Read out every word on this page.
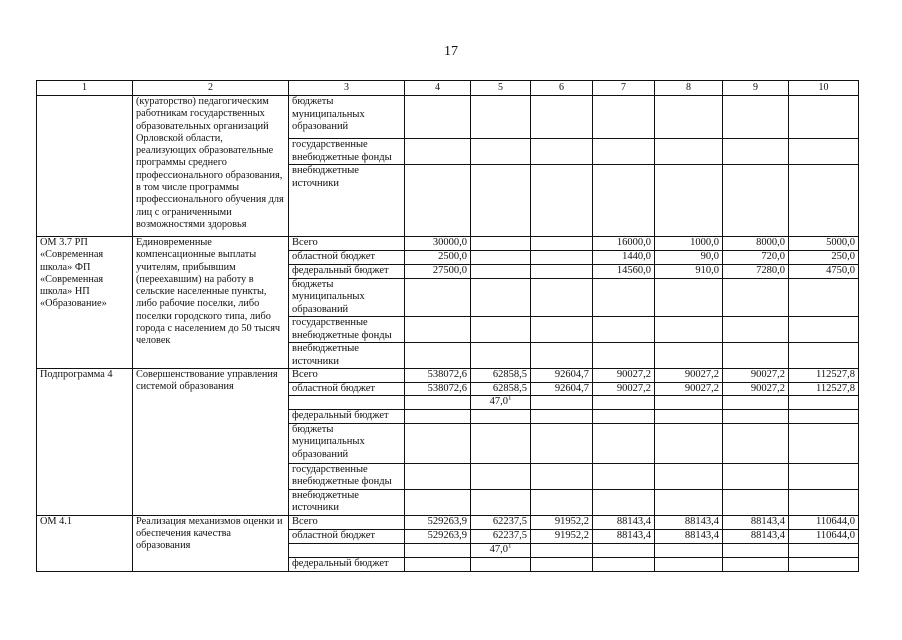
17
1	2	3	4	5	6	7	8	9	10
	(кураторство) педагогическим работникам государственных образовательных организаций Орловской области, реализующих образовательные программы среднего профессионального образования, в том числе программы профессионального обучения для лиц с ограниченными возможностями здоровья	бюджеты муниципальных образований							
		государственные внебюджетные фонды							
		внебюджетные источники							
ОМ 3.7 РП «Современная школа» ФП «Современная школа» НП «Образование»	Единовременные компенсационные выплаты учителям, прибывшим (переехавшим) на работу в сельские населенные пункты, либо рабочие поселки, либо поселки городского типа, либо города с населением до 50 тысяч человек	Всего	30000,0			16000,0	1000,0	8000,0	5000,0
		областной бюджет	2500,0			1440,0	90,0	720,0	250,0
		федеральный бюджет	27500,0			14560,0	910,0	7280,0	4750,0
		бюджеты муниципальных образований							
		государственные внебюджетные фонды							
		внебюджетные источники							
Подпрограмма 4	Совершенствование управления системой образования	Всего	538072,6	62858,5	92604,7	90027,2	90027,2	90027,2	112527,8
		областной бюджет	538072,6	62858,5	92604,7	90027,2	90027,2	90027,2	112527,8
				47,0$^1$					
		федеральный бюджет							
		бюджеты муниципальных образований							
		государственные внебюджетные фонды							
		внебюджетные источники							
ОМ 4.1	Реализация механизмов оценки и обеспечения качества образования	Всего	529263,9	62237,5	91952,2	88143,4	88143,4	88143,4	110644,0
		областной бюджет	529263,9	62237,5	91952,2	88143,4	88143,4	88143,4	110644,0
				47,0$^1$					
		федеральный бюджет							
